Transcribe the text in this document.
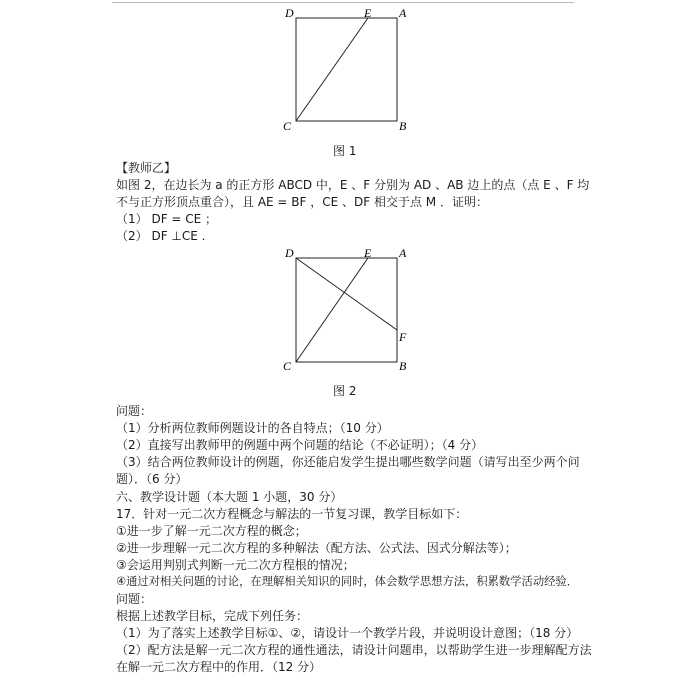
D	E A
C	B
图 1
【教师乙】
如图 2，在边长为 a 的正方形 ABCD 中，E 、F 分别为 AD 、AB 边上的点（点 E 、F 均
不与正方形顶点重合），且 AE = BF ，CE 、DF 相交于点 M ．证明：
（1） DF = CE ；
（2） DF ⊥CE .
D	E A
F
C	B
图 2
问题：
（1）分析两位教师例题设计的各自特点；（10 分）
（2）直接写出教师甲的例题中两个问题的结论（不必证明）；（4 分）
（3）结合两位教师设计的例题，你还能启发学生提出哪些数学问题（请写出至少两个问
题）．（6 分）
六、教学设计题（本大题 1 小题，30 分）
17．针对一元二次方程概念与解法的一节复习课，教学目标如下：
①进一步了解一元二次方程的概念；
②进一步理解一元二次方程的多种解法（配方法、公式法、因式分解法等）；
③会运用判别式判断一元二次方程根的情况；
④通过对相关问题的讨论，在理解相关知识的同时，体会数学思想方法，积累数学活动经验．
问题：
根据上述教学目标，完成下列任务：
（1）为了落实上述教学目标①、②，请设计一个教学片段，并说明设计意图；（18 分）
（2）配方法是解一元二次方程的通性通法，请设计问题串，以帮助学生进一步理解配方法
在解一元二次方程中的作用．（12 分）
